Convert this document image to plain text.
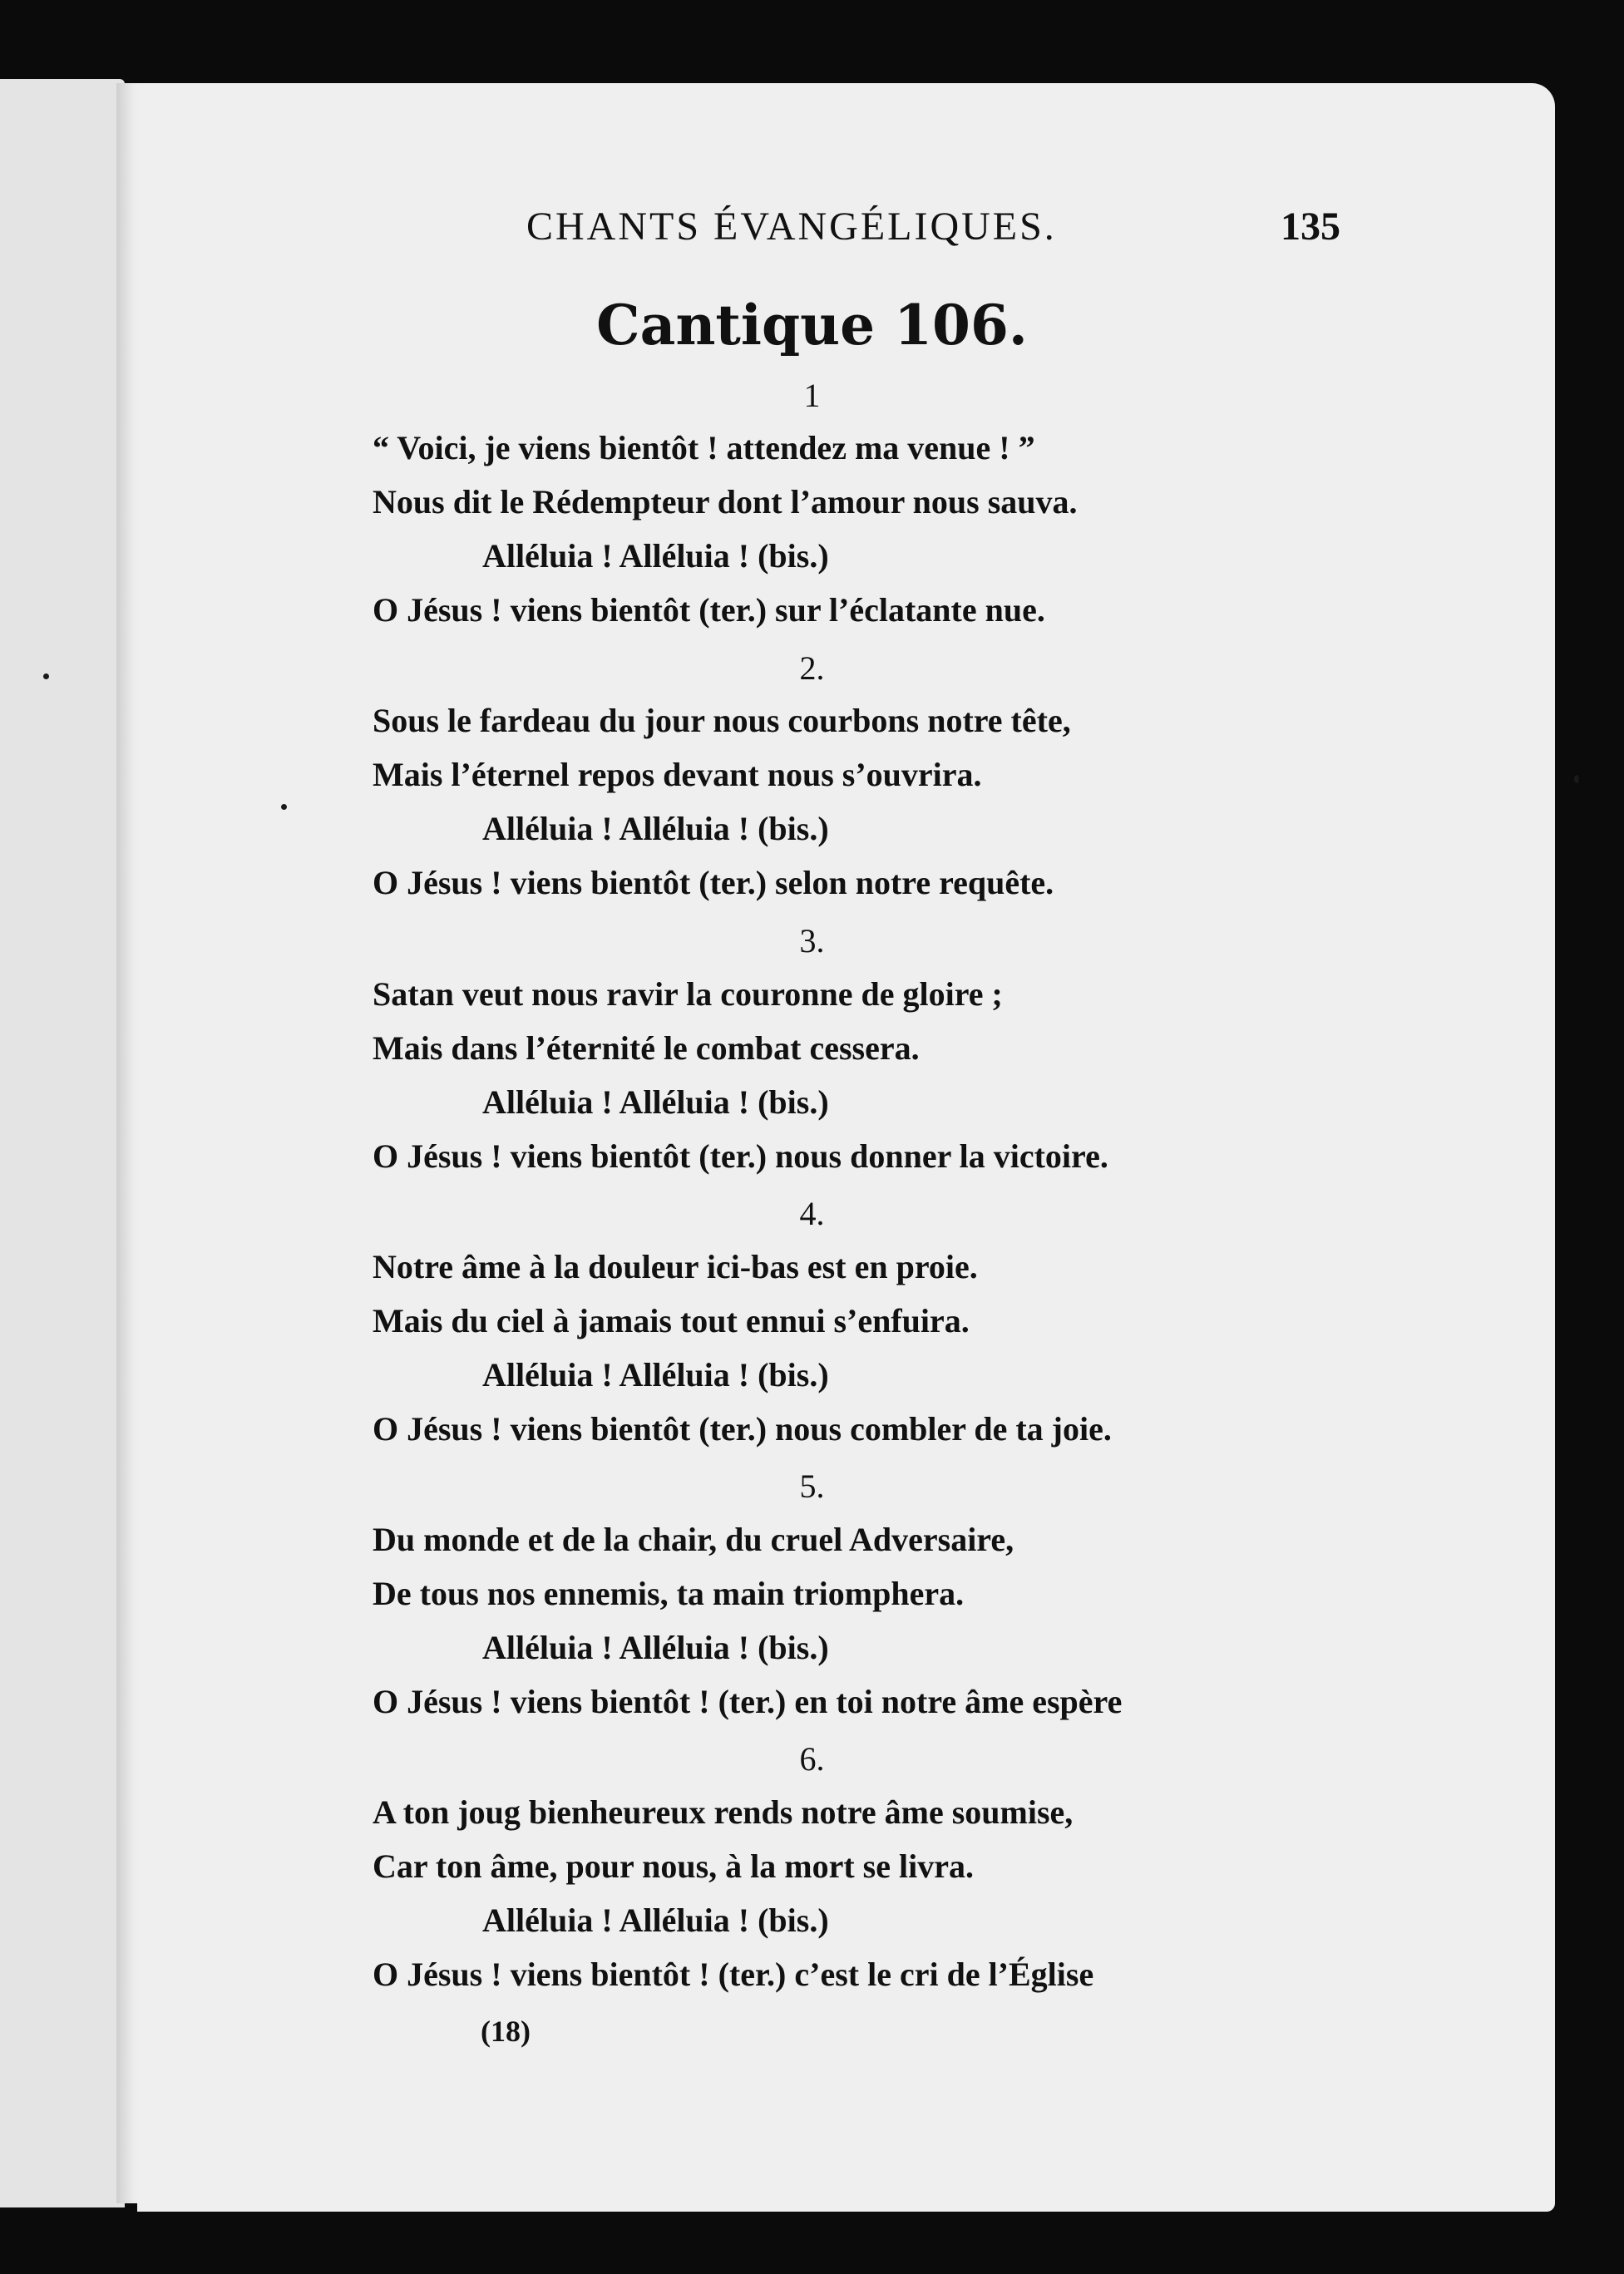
CHANTS ÉVANGÉLIQUES.	135
Cantique 106.
1
“ Voici, je viens bientôt ! attendez ma venue ! ”
Nous dit le Rédempteur dont l’amour nous sauva.
Alléluia ! Alléluia ! (bis.)
O Jésus ! viens bientôt (ter.) sur l’éclatante nue.
2.
Sous le fardeau du jour nous courbons notre tête,
Mais l’éternel repos devant nous s’ouvrira.
Alléluia ! Alléluia ! (bis.)
O Jésus ! viens bientôt (ter.) selon notre requête.
3.
Satan veut nous ravir la couronne de gloire ;
Mais dans l’éternité le combat cessera.
Alléluia ! Alléluia ! (bis.)
O Jésus ! viens bientôt (ter.) nous donner la victoire.
4.
Notre âme à la douleur ici-bas est en proie.
Mais du ciel à jamais tout ennui s’enfuira.
Alléluia ! Alléluia ! (bis.)
O Jésus ! viens bientôt (ter.) nous combler de ta joie.
5.
Du monde et de la chair, du cruel Adversaire,
De tous nos ennemis, ta main triomphera.
Alléluia ! Alléluia ! (bis.)
O Jésus ! viens bientôt ! (ter.) en toi notre âme espère
6.
A ton joug bienheureux rends notre âme soumise,
Car ton âme, pour nous, à la mort se livra.
Alléluia ! Alléluia ! (bis.)
O Jésus ! viens bientôt ! (ter.) c’est le cri de l’Église
(18)
